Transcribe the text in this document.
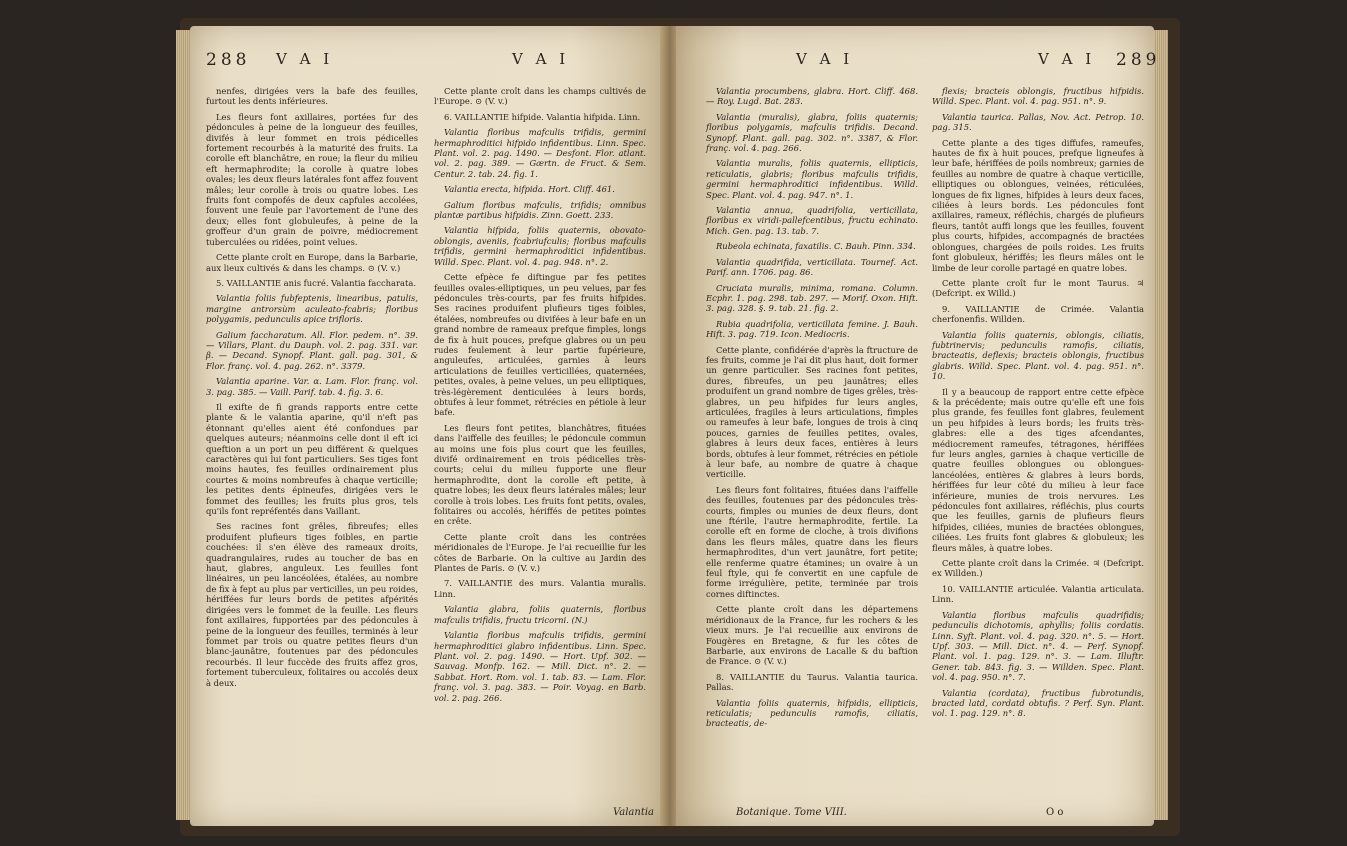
288 V A I	V A I

nenfes, dirigées vers la bafe des feuilles, furtout les dents inférieures.

Les fleurs font axillaires, portées fur des pédoncules à peine de la longueur des feuilles, divifés à leur fommet en trois pédicelles fortement recourbés à la maturité des fruits. La corolle eft blanchâtre, en roue; la fleur du milieu eft hermaphrodite; la corolle à quatre lobes ovales; les deux fleurs latérales font affez fouvent mâles; leur corolle à trois ou quatre lobes. Les fruits font compofés de deux capfules accolées, fouvent une feule par l'avortement de l'une des deux; elles font globuleufes, à peine de la groffeur d'un grain de poivre, médiocrement tuberculées ou ridées, point velues.

Cette plante croît en Europe, dans la Barbarie, aux lieux cultivés & dans les champs. ⊙ (V. v.)

5. VAILLANTIE anis fucré. Valantia faccharata.

Valantia foliis fubfeptenis, linearibus, patulis, margine antrorsùm aculeato-fcabris; floribus polygamis, pedunculis apice trifloris.

Galium faccharatum. All. Flor. pedem. n°. 39. — Villars, Plant. du Dauph. vol. 2. pag. 331. var. β. — Decand. Synopf. Plant. gall. pag. 301, & Flor. franç. vol. 4. pag. 262. n°. 3379.

Valantia aparine. Var. α. Lam. Flor. franç. vol. 3. pag. 385. — Vaill. Parif. tab. 4. fig. 3. 6.

Il exifte de fi grands rapports entre cette plante & le valantia aparine, qu'il n'eft pas étonnant qu'elles aient été confondues par quelques auteurs; néanmoins celle dont il eft ici queftion a un port un peu différent & quelques caractères qui lui font particuliers. Ses tiges font moins hautes, fes feuilles ordinairement plus courtes & moins nombreufes à chaque verticille; les petites dents épineufes, dirigées vers le fommet des feuilles; les fruits plus gros, tels qu'ils font repréfentés dans Vaillant.

Ses racines font grêles, fibreufes; elles produifent plufieurs tiges foibles, en partie couchées: il s'en élève des rameaux droits, quadrangulaires, rudes au toucher de bas en haut, glabres, anguleux. Les feuilles font linéaires, un peu lancéolées, étalées, au nombre de fix à fept au plus par verticilles, un peu roides, hériffées fur leurs bords de petites afpérités dirigées vers le fommet de la feuille. Les fleurs font axillaires, fupportées par des pédoncules à peine de la longueur des feuilles, terminés à leur fommet par trois ou quatre petites fleurs d'un blanc-jaunâtre, foutenues par des pédoncules recourbés. Il leur fuccède des fruits affez gros, fortement tuberculeux, folitaires ou accolés deux à deux.

Cette plante croît dans les champs cultivés de l'Europe. ⊙ (V. v.)

6. VAILLANTIE hifpide. Valantia hifpida. Linn.

Valantia floribus mafculis trifidis, germini hermaphroditici hifpido infidentibus. Linn. Spec. Plant. vol. 2. pag. 1490. — Desfont. Flor. atlant. vol. 2. pag. 389. — Gærtn. de Fruct. & Sem. Centur. 2. tab. 24. fig. 1.

Valantia erecta, hifpida. Hort. Cliff. 461.

Galium floribus mafculis, trifidis; omnibus plantæ partibus hifpidis. Zinn. Goett. 233.

Valantia hifpida, foliis quaternis, obovato-oblongis, aveniis, fcabriufculis; floribus mafculis trifidis, germini hermaphroditici infidentibus. Willd. Spec. Plant. vol. 4. pag. 948. n°. 2.

Cette efpèce fe diftingue par fes petites feuilles ovales-elliptiques, un peu velues, par fes pédoncules très-courts, par fes fruits hifpides. Ses racines produifent plufieurs tiges foibles, étalées, nombreufes ou divifées à leur bafe en un grand nombre de rameaux prefque fimples, longs de fix à huit pouces, prefque glabres ou un peu rudes feulement à leur partie fupérieure, anguleufes, articulées, garnies à leurs articulations de feuilles verticillées, quaternées, petites, ovales, à peine velues, un peu elliptiques, très-légèrement denticulées à leurs bords, obtufes à leur fommet, rétrécies en pétiole à leur bafe.

Les fleurs font petites, blanchâtres, fituées dans l'aiffelle des feuilles; le pédoncule commun au moins une fois plus court que les feuilles, divifé ordinairement en trois pédicelles très-courts; celui du milieu fupporte une fleur hermaphrodite, dont la corolle eft petite, à quatre lobes; les deux fleurs latérales mâles; leur corolle à trois lobes. Les fruits font petits, ovales, folitaires ou accolés, hériffés de petites pointes en crête.

Cette plante croît dans les contrées méridionales de l'Europe. Je l'ai recueillie fur les côtes de Barbarie. On la cultive au Jardin des Plantes de Paris. ⊙ (V. v.)

7. VAILLANTIE des murs. Valantia muralis. Linn.

Valantia glabra, foliis quaternis, floribus mafculis trifidis, fructu tricorni. (N.)

Valantia floribus mafculis trifidis, germini hermaphroditici glabro infidentibus. Linn. Spec. Plant. vol. 2. pag. 1490. — Hort. Upf. 302. — Sauvag. Monfp. 162. — Mill. Dict. n°. 2. — Sabbat. Hort. Rom. vol. 1. tab. 83. — Lam. Flor. franç. vol. 3. pag. 383. — Poir. Voyag. en Barb. vol. 2. pag. 266.

Valantia
V A I	V A I 289

Valantia procumbens, glabra. Hort. Cliff. 468. — Roy. Lugd. Bat. 283.

Valantia (muralis), glabra, foliis quaternis; floribus polygamis, mafculis trifidis. Decand. Synopf. Plant. gall. pag. 302. n°. 3387, & Flor. franç. vol. 4. pag. 266.

Valantia muralis, foliis quaternis, ellipticis, reticulatis, glabris; floribus mafculis trifidis, germini hermaphroditici infidentibus. Willd. Spec. Plant. vol. 4. pag. 947. n°. 1.

Valantia annua, quadrifolia, verticillata, floribus ex viridi-pallefcentibus, fructu echinato. Mich. Gen. pag. 13. tab. 7.

Rubeola echinata, faxatilis. C. Bauh. Pinn. 334.

Valantia quadrifida, verticillata. Tournef. Act. Parif. ann. 1706. pag. 86.

Cruciata muralis, minima, romana. Column. Ecphr. 1. pag. 298. tab. 297. — Morif. Oxon. Hift. 3. pag. 328. §. 9. tab. 21. fig. 2.

Rubia quadrifolia, verticillata femine. J. Bauh. Hift. 3. pag. 719. Icon. Mediocris.

Cette plante, confidérée d'après la ftructure de fes fruits, comme je l'ai dit plus haut, doit former un genre particulier. Ses racines font petites, dures, fibreufes, un peu jaunâtres; elles produifent un grand nombre de tiges grêles, très-glabres, un peu hifpides fur leurs angles, articulées, fragiles à leurs articulations, fimples ou rameufes à leur bafe, longues de trois à cinq pouces, garnies de feuilles petites, ovales, glabres à leurs deux faces, entières à leurs bords, obtufes à leur fommet, rétrécies en pétiole à leur bafe, au nombre de quatre à chaque verticille.

Les fleurs font folitaires, fituées dans l'aiffelle des feuilles, foutenues par des pédoncules très-courts, fimples ou munies de deux fleurs, dont une ftérile, l'autre hermaphrodite, fertile. La corolle eft en forme de cloche, à trois divifions dans les fleurs mâles, quatre dans les fleurs hermaphrodites, d'un vert jaunâtre, fort petite; elle renferme quatre étamines; un ovaire à un feul ftyle, qui fe convertit en une capfule de forme irrégulière, petite, terminée par trois cornes diftinctes.

Cette plante croît dans les départemens méridionaux de la France, fur les rochers & les vieux murs. Je l'ai recueillie aux environs de Fougères en Bretagne, & fur les côtes de Barbarie, aux environs de Lacalle & du baftion de France. ⊙ (V. v.)

8. VAILLANTIE du Taurus. Valantia taurica. Pallas.

Valantia foliis quaternis, hifpidis, ellipticis, reticulatis; pedunculis ramofis, ciliatis, bracteatis, de-

flexis; bracteis oblongis, fructibus hifpidis. Willd. Spec. Plant. vol. 4. pag. 951. n°. 9.

Valantia taurica. Pallas, Nov. Act. Petrop. 10. pag. 315.

Cette plante a des tiges diffufes, rameufes, hautes de fix à huit pouces, prefque ligneufes à leur bafe, hériffées de poils nombreux; garnies de feuilles au nombre de quatre à chaque verticille, elliptiques ou oblongues, veinées, réticulées, longues de fix lignes, hifpides à leurs deux faces, ciliées à leurs bords. Les pédoncules font axillaires, rameux, réfléchis, chargés de plufieurs fleurs, tantôt auffi longs que les feuilles, fouvent plus courts, hifpides, accompagnés de bractées oblongues, chargées de poils roides. Les fruits font globuleux, hériffés; les fleurs mâles ont le limbe de leur corolle partagé en quatre lobes.

Cette plante croît fur le mont Taurus. ♃ (Defcript. ex Willd.)

9. VAILLANTIE de Crimée. Valantia cherfonenfis. Willden.

Valantia foliis quaternis, oblongis, ciliatis, fubtrinervis; pedunculis ramofis, ciliatis, bracteatis, deflexis; bracteis oblongis, fructibus glabris. Willd. Spec. Plant. vol. 4. pag. 951. n°. 10.

Il y a beaucoup de rapport entre cette efpèce & la précédente; mais outre qu'elle eft une fois plus grande, fes feuilles font glabres, feulement un peu hifpides à leurs bords; les fruits très-glabres: elle a des tiges afcendantes, médiocrement rameufes, tétragones, hériffées fur leurs angles, garnies à chaque verticille de quatre feuilles oblongues ou oblongues-lancéolées, entières & glabres à leurs bords, hériffées fur leur côté du milieu à leur face inférieure, munies de trois nervures. Les pédoncules font axillaires, réfléchis, plus courts que les feuilles, garnis de plufieurs fleurs hifpides, ciliées, munies de bractées oblongues, ciliées. Les fruits font glabres & globuleux; les fleurs mâles, à quatre lobes.

Cette plante croît dans la Crimée. ♃ (Defcript. ex Willden.)

10. VAILLANTIE articulée. Valantia articulata. Linn.

Valantia floribus mafculis quadrifidis; pedunculis dichotomis, aphyllis; foliis cordatis. Linn. Syft. Plant. vol. 4. pag. 320. n°. 5. — Hort. Upf. 303. — Mill. Dict. n°. 4. — Perf. Synopf. Plant. vol. 1. pag. 129. n°. 3. — Lam. Illuftr. Gener. tab. 843. fig. 3. — Willden. Spec. Plant. vol. 4. pag. 950. n°. 7.

Valantia (cordata), fructibus fubrotundis, bracted latd, cordatd obtufis. ? Perf. Syn. Plant. vol. 1. pag. 129. n°. 8.

Botanique. Tome VIII.	O o
